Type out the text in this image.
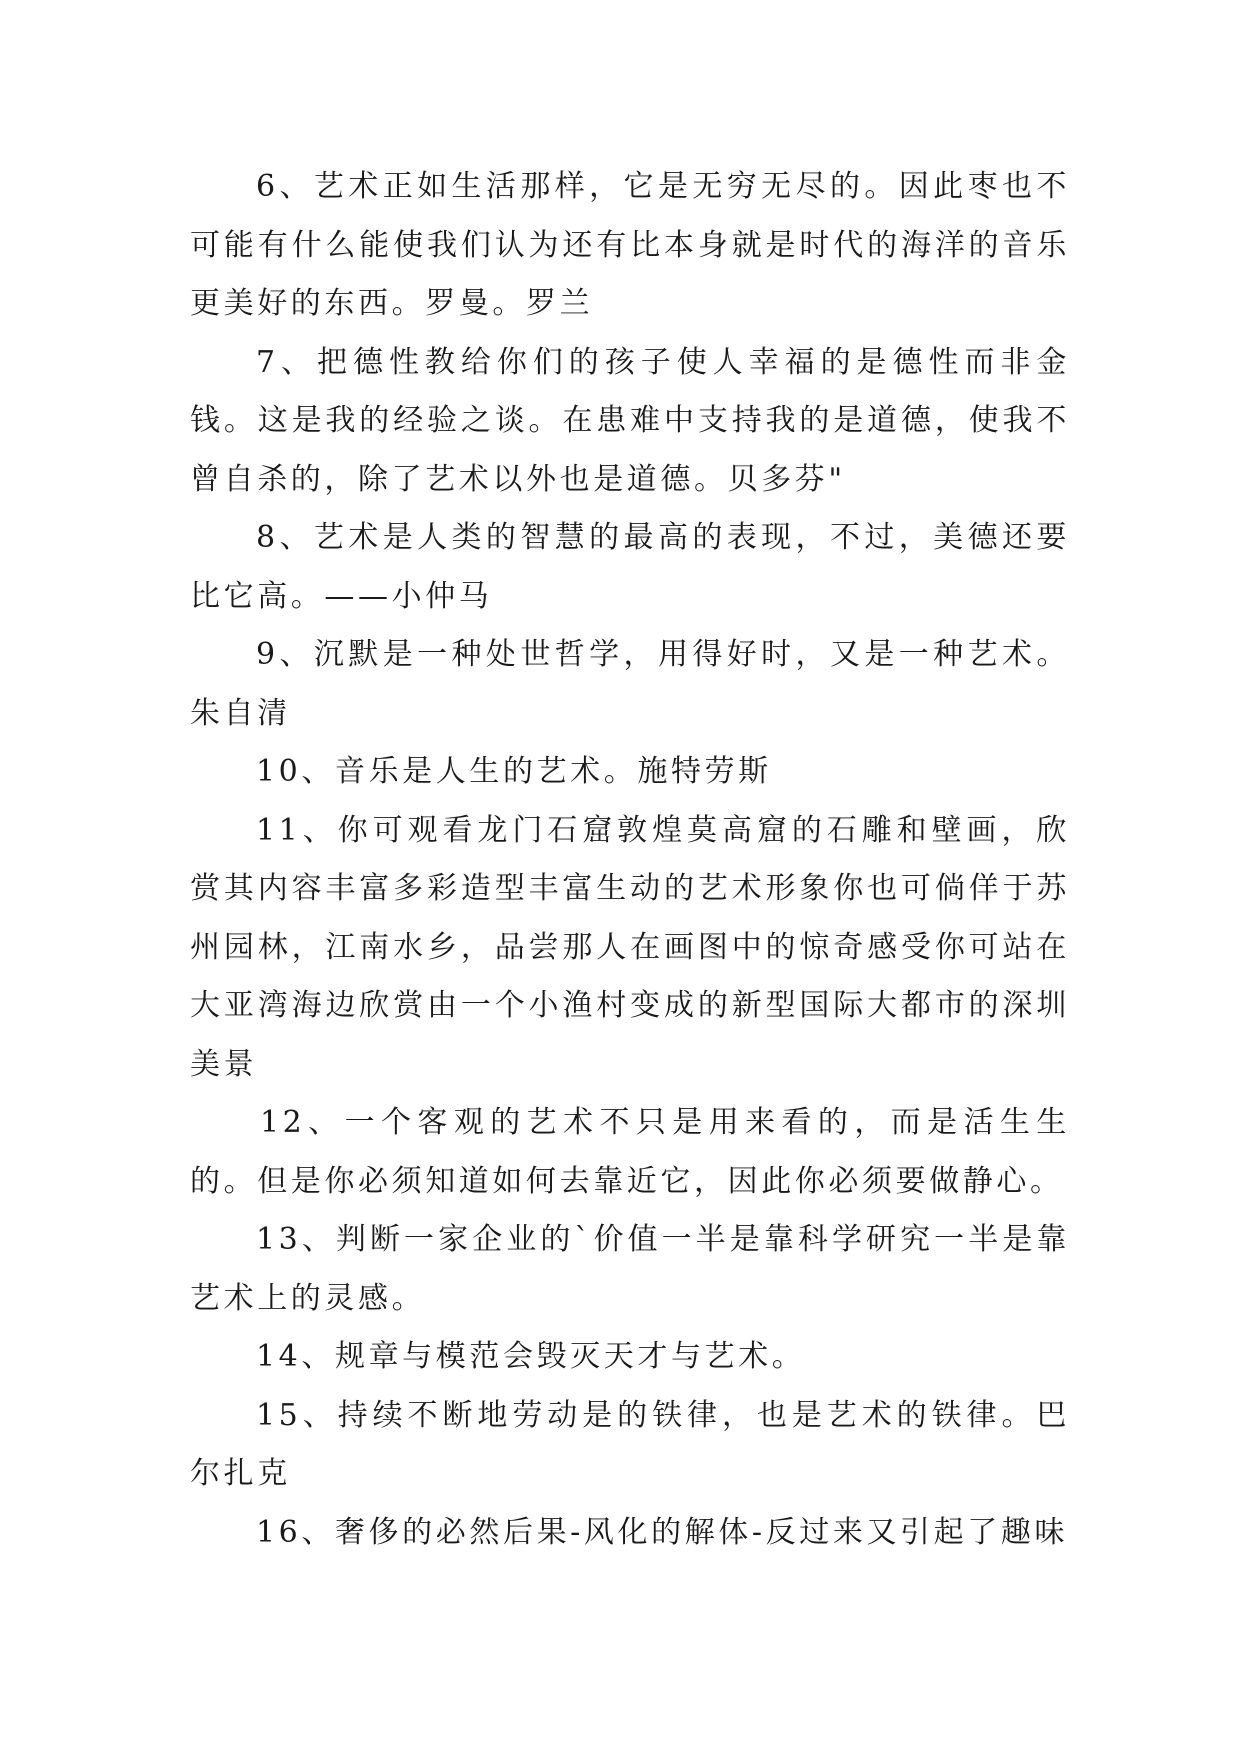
6、艺术正如生活那样，它是无穷无尽的。因此枣也不可能有什么能使我们认为还有比本身就是时代的海洋的音乐更美好的东西。罗曼。罗兰

7、把德性教给你们的孩子使人幸福的是德性而非金钱。这是我的经验之谈。在患难中支持我的是道德，使我不曾自杀的，除了艺术以外也是道德。贝多芬"

8、艺术是人类的智慧的最高的表现，不过，美德还要比它高。——小仲马

9、沉默是一种处世哲学，用得好时，又是一种艺术。朱自清

10、音乐是人生的艺术。施特劳斯

11、你可观看龙门石窟敦煌莫高窟的石雕和壁画，欣赏其内容丰富多彩造型丰富生动的艺术形象你也可倘佯于苏州园林，江南水乡，品尝那人在画图中的惊奇感受你可站在大亚湾海边欣赏由一个小渔村变成的新型国际大都市的深圳美景

12、一个客观的艺术不只是用来看的，而是活生生的。但是你必须知道如何去靠近它，因此你必须要做静心。

13、判断一家企业的`价值一半是靠科学研究一半是靠艺术上的灵感。

14、规章与模范会毁灭天才与艺术。

15、持续不断地劳动是的铁律，也是艺术的铁律。巴尔扎克

16、奢侈的必然后果-风化的解体-反过来又引起了趣味
